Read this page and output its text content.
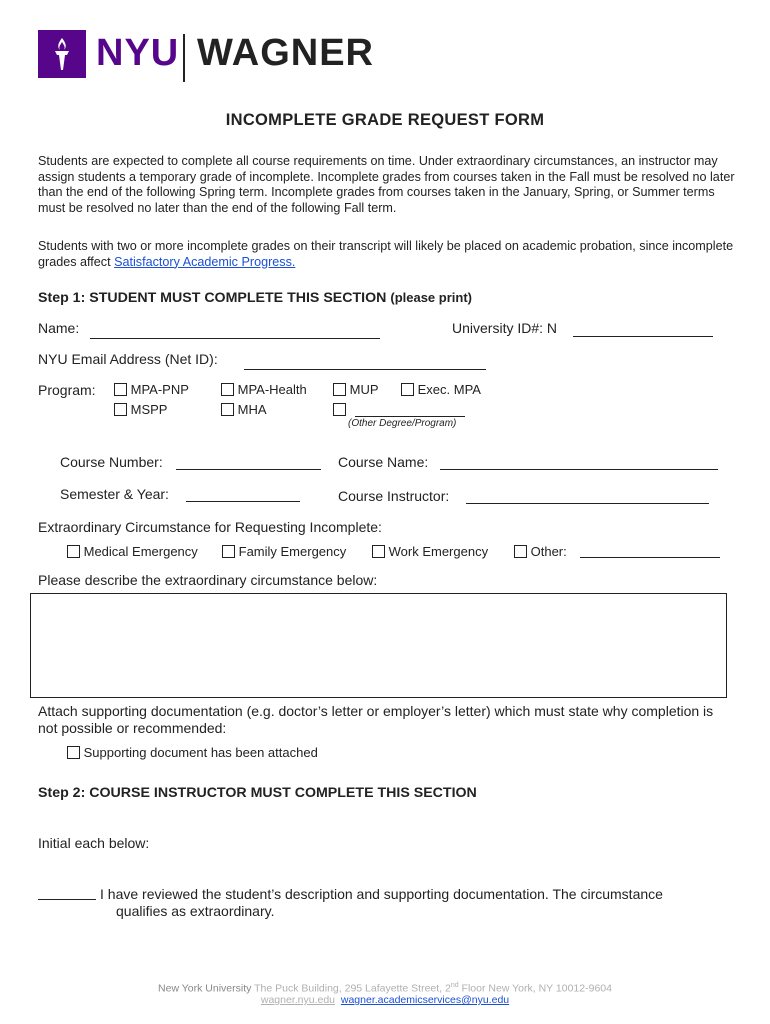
NYU WAGNER
INCOMPLETE GRADE REQUEST FORM
Students are expected to complete all course requirements on time. Under extraordinary circumstances, an instructor may assign students a temporary grade of incomplete. Incomplete grades from courses taken in the Fall must be resolved no later than the end of the following Spring term. Incomplete grades from courses taken in the January, Spring, or Summer terms must be resolved no later than the end of the following Fall term.
Students with two or more incomplete grades on their transcript will likely be placed on academic probation, since incomplete grades affect Satisfactory Academic Progress.
Step 1: STUDENT MUST COMPLETE THIS SECTION (please print)
Name:	University ID#: N
NYU Email Address (Net ID):
Program:	MPA-PNP	MPA-Health	MUP	Exec. MPA
MSPP	MHA
(Other Degree/Program)
Course Number:	Course Name:
Semester & Year:	Course Instructor:
Extraordinary Circumstance for Requesting Incomplete:
Medical Emergency	Family Emergency	Work Emergency	Other:
Please describe the extraordinary circumstance below:
Attach supporting documentation (e.g. doctor’s letter or employer’s letter) which must state why completion is not possible or recommended:
Supporting document has been attached
Step 2: COURSE INSTRUCTOR MUST COMPLETE THIS SECTION
Initial each below:
I have reviewed the student’s description and supporting documentation. The circumstance
qualifies as extraordinary.
New York University The Puck Building, 295 Lafayette Street, 2nd Floor New York, NY 10012-9604
wagner.nyu.edu wagner.academicservices@nyu.edu
